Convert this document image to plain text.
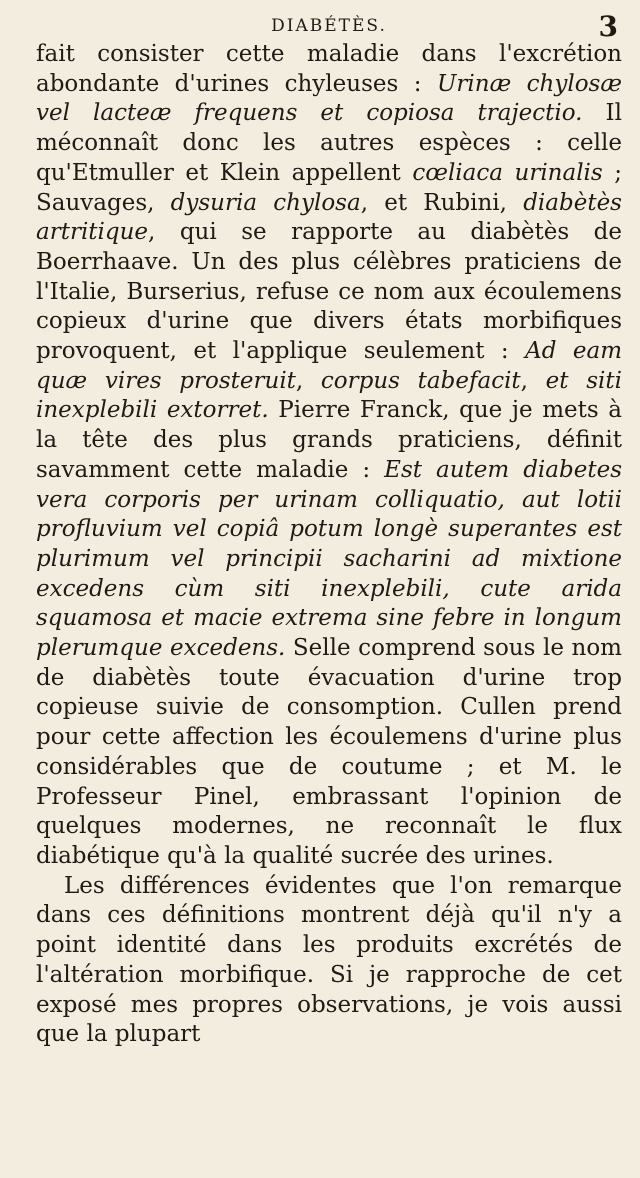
DIABÉTÈS.	3

fait consister cette maladie dans l'excrétion abondante d'urines chyleuses : Urinæ chylosæ vel lacteæ frequens et copiosa trajectio. Il méconnaît donc les autres espèces : celle qu'Etmuller et Klein appellent cœliaca urinalis ; Sauvages, dysuria chylosa, et Rubini, diabètès artritique, qui se rapporte au diabètès de Boerrhaave. Un des plus célèbres praticiens de l'Italie, Burserius, refuse ce nom aux écoulemens copieux d'urine que divers états morbifiques provoquent, et l'applique seulement : Ad eam quæ vires prosteruit, corpus tabefacit, et siti inexplebili extorret. Pierre Franck, que je mets à la tête des plus grands praticiens, définit savamment cette maladie : Est autem diabetes vera corporis per urinam colliquatio, aut lotii profluvium vel copiâ potum longè superantes est plurimum vel principii sacharini ad mixtione excedens cùm siti inexplebili, cute arida squamosa et macie extrema sine febre in longum plerumque excedens. Selle comprend sous le nom de diabètès toute évacuation d'urine trop copieuse suivie de consomption. Cullen prend pour cette affection les écoulemens d'urine plus considérables que de coutume ; et M. le Professeur Pinel, embrassant l'opinion de quelques modernes, ne reconnaît le flux diabétique qu'à la qualité sucrée des urines.

Les différences évidentes que l'on remarque dans ces définitions montrent déjà qu'il n'y a point identité dans les produits excrétés de l'altération morbifique. Si je rapproche de cet exposé mes propres observations, je vois aussi que la plupart
